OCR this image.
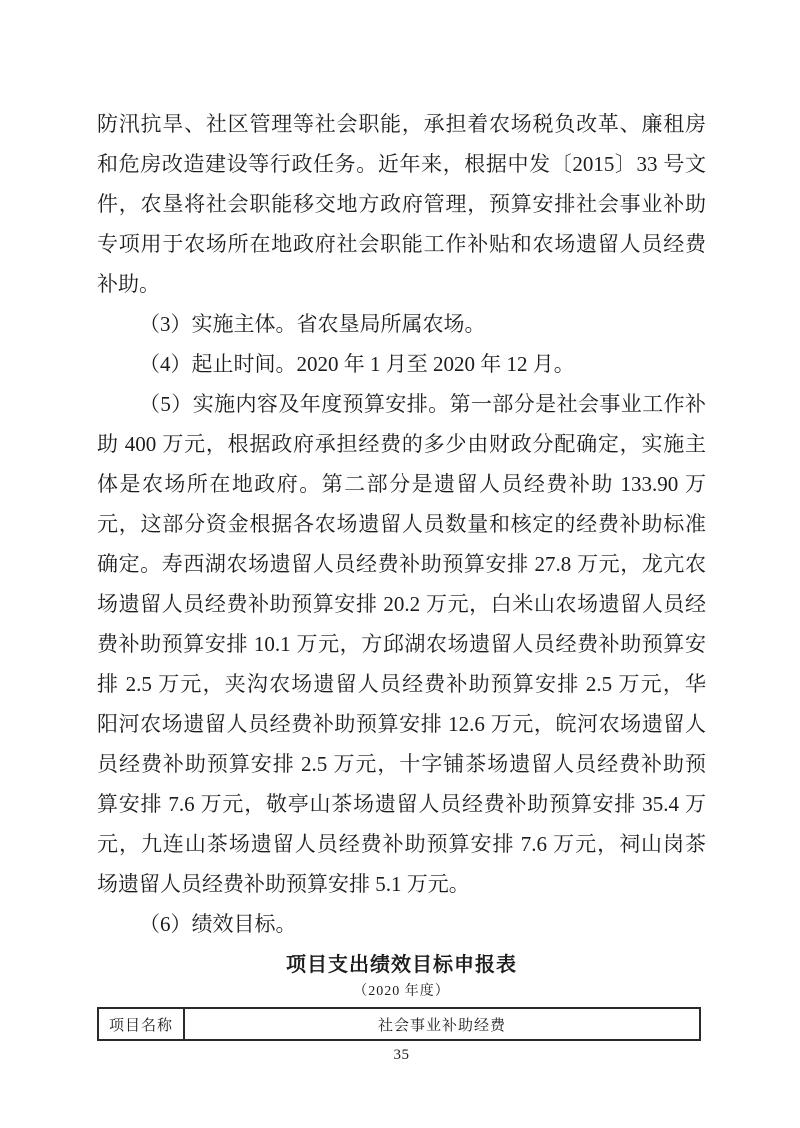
防汛抗旱、社区管理等社会职能，承担着农场税负改革、廉租房
和危房改造建设等行政任务。近年来，根据中发〔2015〕33 号文
件，农垦将社会职能移交地方政府管理，预算安排社会事业补助
专项用于农场所在地政府社会职能工作补贴和农场遗留人员经费
补助。
（3）实施主体。省农垦局所属农场。
（4）起止时间。2020 年 1 月至 2020 年 12 月。
（5）实施内容及年度预算安排。第一部分是社会事业工作补
助 400 万元，根据政府承担经费的多少由财政分配确定，实施主
体是农场所在地政府。第二部分是遗留人员经费补助 133.90 万
元，这部分资金根据各农场遗留人员数量和核定的经费补助标准
确定。寿西湖农场遗留人员经费补助预算安排 27.8 万元，龙亢农
场遗留人员经费补助预算安排 20.2 万元，白米山农场遗留人员经
费补助预算安排 10.1 万元，方邱湖农场遗留人员经费补助预算安
排 2.5 万元，夹沟农场遗留人员经费补助预算安排 2.5 万元，华
阳河农场遗留人员经费补助预算安排 12.6 万元，皖河农场遗留人
员经费补助预算安排 2.5 万元，十字铺茶场遗留人员经费补助预
算安排 7.6 万元，敬亭山茶场遗留人员经费补助预算安排 35.4 万
元，九连山茶场遗留人员经费补助预算安排 7.6 万元，祠山岗茶
场遗留人员经费补助预算安排 5.1 万元。
（6）绩效目标。
项目支出绩效目标申报表
（2020 年度）
项目名称	社会事业补助经费
35
